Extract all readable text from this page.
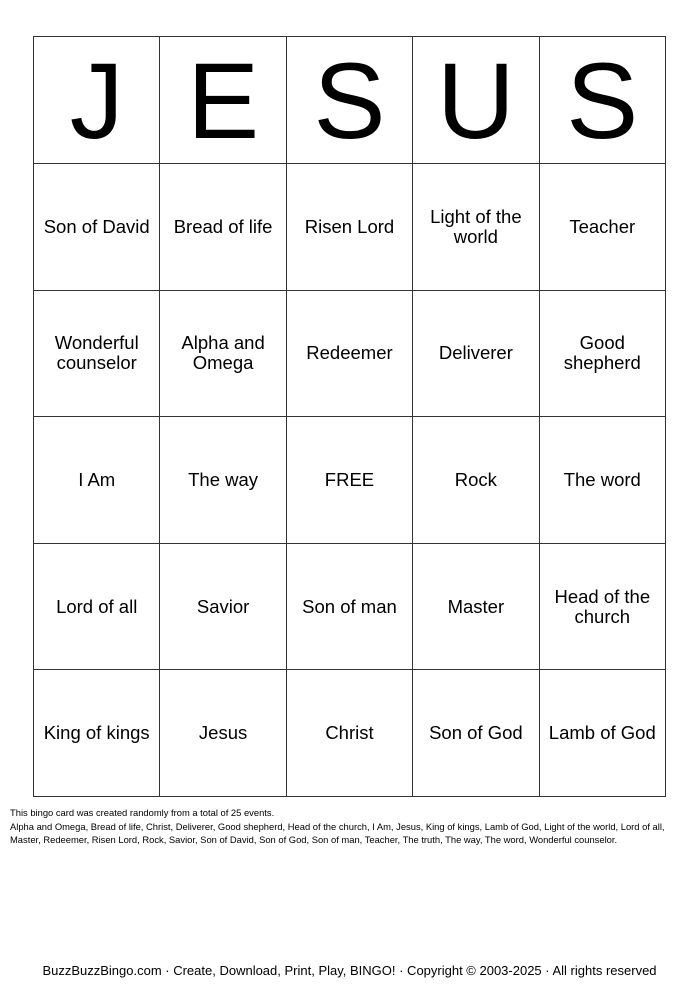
J	E	S	U	S
Son of David	Bread of life	Risen Lord	Light of the world	Teacher
Wonderful counselor	Alpha and Omega	Redeemer	Deliverer	Good shepherd
I Am	The way	FREE	Rock	The word
Lord of all	Savior	Son of man	Master	Head of the church
King of kings	Jesus	Christ	Son of God	Lamb of God

This bingo card was created randomly from a total of 25 events.

Alpha and Omega, Bread of life, Christ, Deliverer, Good shepherd, Head of the church, I Am, Jesus, King of kings, Lamb of God, Light of the world, Lord of all, Master, Redeemer, Risen Lord, Rock, Savior, Son of David, Son of God, Son of man, Teacher, The truth, The way, The word, Wonderful counselor.

BuzzBuzzBingo.com · Create, Download, Print, Play, BINGO! · Copyright © 2003-2025 · All rights reserved
